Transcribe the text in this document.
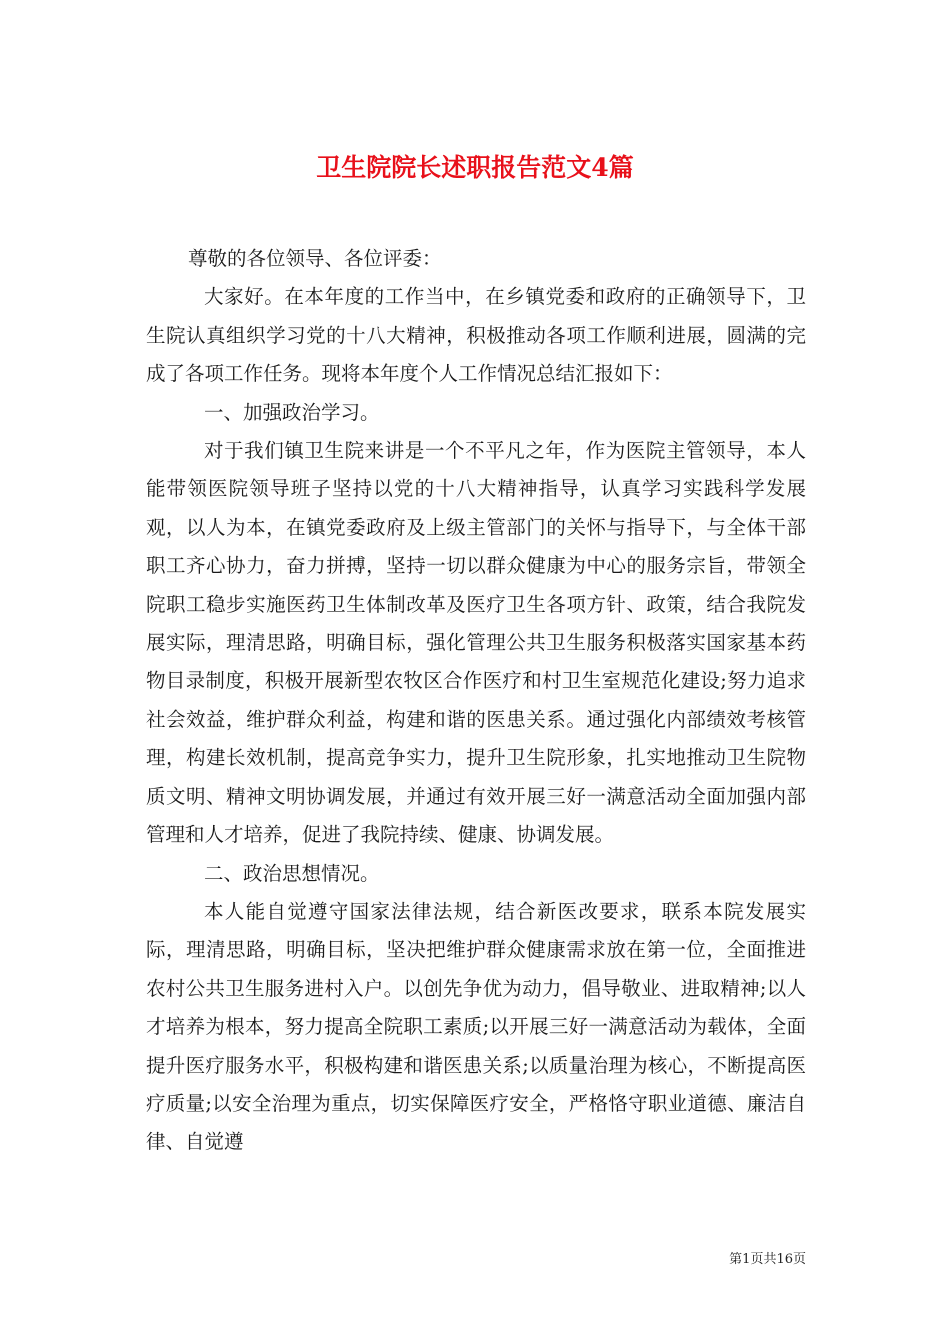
卫生院院长述职报告范文4篇

尊敬的各位领导、各位评委：

大家好。在本年度的工作当中，在乡镇党委和政府的正确领导下，卫生院认真组织学习党的十八大精神，积极推动各项工作顺利进展，圆满的完成了各项工作任务。现将本年度个人工作情况总结汇报如下：

一、加强政治学习。

对于我们镇卫生院来讲是一个不平凡之年，作为医院主管领导，本人能带领医院领导班子坚持以党的十八大精神指导，认真学习实践科学发展观，以人为本，在镇党委政府及上级主管部门的关怀与指导下，与全体干部职工齐心协力，奋力拼搏，坚持一切以群众健康为中心的服务宗旨，带领全院职工稳步实施医药卫生体制改革及医疗卫生各项方针、政策，结合我院发展实际，理清思路，明确目标，强化管理公共卫生服务积极落实国家基本药物目录制度，积极开展新型农牧区合作医疗和村卫生室规范化建设;努力追求社会效益，维护群众利益，构建和谐的医患关系。通过强化内部绩效考核管理，构建长效机制，提高竞争实力，提升卫生院形象，扎实地推动卫生院物质文明、精神文明协调发展，并通过有效开展三好一满意活动全面加强内部管理和人才培养，促进了我院持续、健康、协调发展。

二、政治思想情况。

本人能自觉遵守国家法律法规，结合新医改要求，联系本院发展实际，理清思路，明确目标，坚决把维护群众健康需求放在第一位，全面推进农村公共卫生服务进村入户。以创先争优为动力，倡导敬业、进取精神;以人才培养为根本，努力提高全院职工素质;以开展三好一满意活动为载体，全面提升医疗服务水平，积极构建和谐医患关系;以质量治理为核心，不断提高医疗质量;以安全治理为重点，切实保障医疗安全，严格恪守职业道德、廉洁自律、自觉遵

第1页共16页
